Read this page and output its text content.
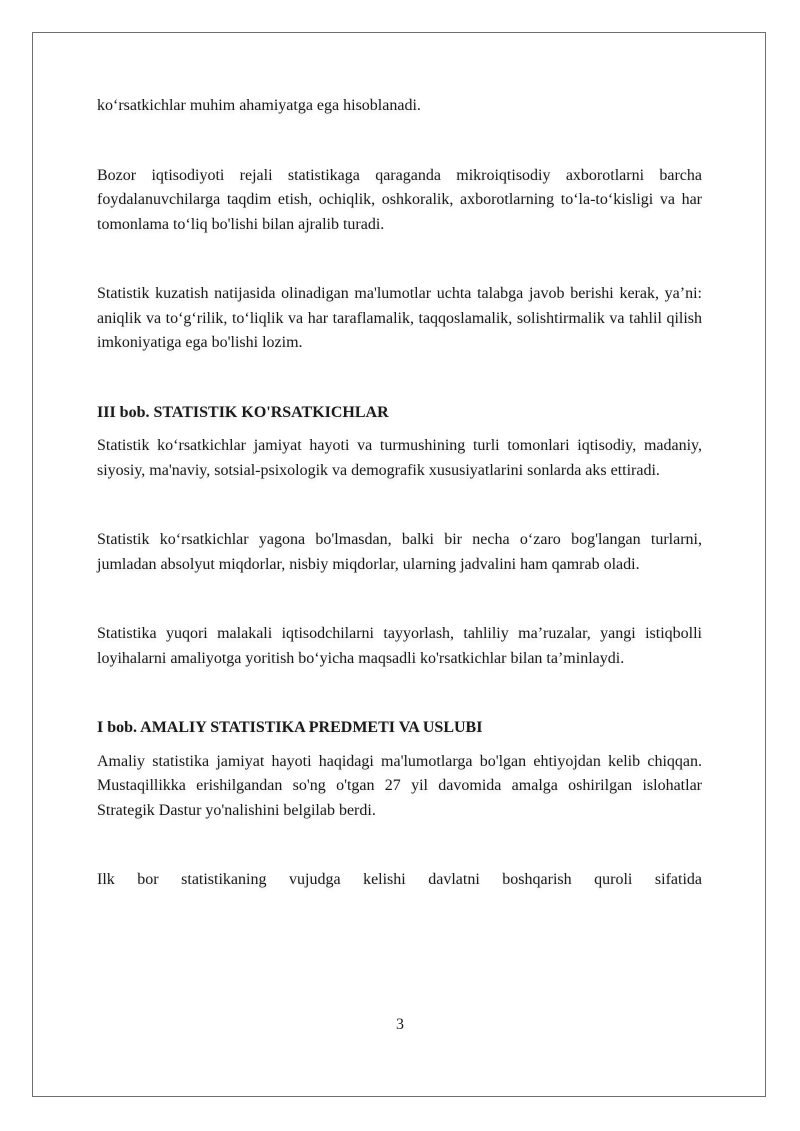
ko‘rsatkichlar muhim ahamiyatga ega hisoblanadi.

Bozor iqtisodiyoti rejali statistikaga qaraganda mikroiqtisodiy axborotlarni barcha foydalanuvchilarga taqdim etish, ochiqlik, oshkoralik, axborotlarning to‘la-to‘kisligi va har tomonlama to‘liq bo'lishi bilan ajralib turadi.

Statistik kuzatish natijasida olinadigan ma'lumotlar uchta talabga javob berishi kerak, ya’ni: aniqlik va to‘g‘rilik, to‘liqlik va har taraflamalik, taqqoslamalik, solishtirmalik va tahlil qilish imkoniyatiga ega bo'lishi lozim.

III bob. STATISTIK KO'RSATKICHLAR

Statistik ko‘rsatkichlar jamiyat hayoti va turmushining turli tomonlari iqtisodiy, madaniy, siyosiy, ma'naviy, sotsial-psixologik va demografik xususiyatlarini sonlarda aks ettiradi.

Statistik ko‘rsatkichlar yagona bo'lmasdan, balki bir necha o‘zaro bog'langan turlarni, jumladan absolyut miqdorlar, nisbiy miqdorlar, ularning jadvalini ham qamrab oladi.

Statistika yuqori malakali iqtisodchilarni tayyorlash, tahliliy ma’ruzalar, yangi istiqbolli loyihalarni amaliyotga yoritish bo‘yicha maqsadli ko'rsatkichlar bilan ta’minlaydi.

I bob. AMALIY STATISTIKA PREDMETI VA USLUBI

Amaliy statistika jamiyat hayoti haqidagi ma'lumotlarga bo'lgan ehtiyojdan kelib chiqqan. Mustaqillikka erishilgandan so'ng o'tgan 27 yil davomida amalga oshirilgan islohatlar Strategik Dastur yo'nalishini belgilab berdi.

Ilk bor statistikaning vujudga kelishi davlatni boshqarish quroli sifatida

3
